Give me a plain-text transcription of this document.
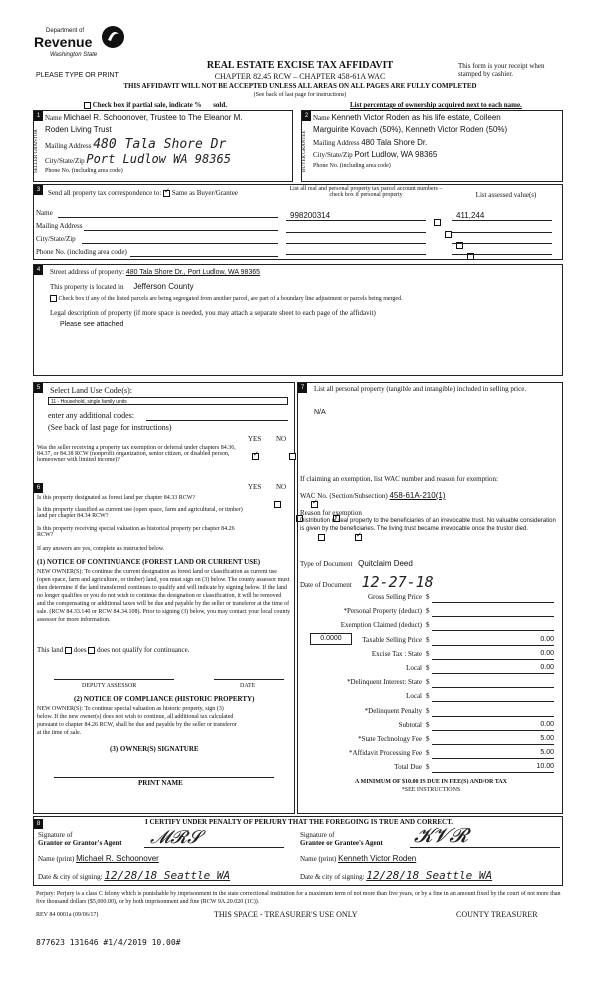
Department of
Revenue
Washington State
PLEASE TYPE OR PRINT
REAL ESTATE EXCISE TAX AFFIDAVIT
CHAPTER 82.45 RCW – CHAPTER 458-61A WAC
THIS AFFIDAVIT WILL NOT BE ACCEPTED UNLESS ALL AREAS ON ALL PAGES ARE FULLY COMPLETED
(See back of last page for instructions)
This form is your receipt when stamped by cashier.
Check box if partial sale, indicate % sold.	List percentage of ownership acquired next to each name.
1
SELLER GRANTOR
Name Michael R. Schoonover, Trustee to The Eleanor M.
Roden Living Trust
Mailing Address 480 Tala Shore Dr
City/State/Zip Port Ludlow WA 98365
Phone No. (including area code)
2
BUYER GRANTEE
Name Kenneth Victor Roden as his life estate, Colleen
Marguirite Kovach (50%), Kenneth Victor Roden (50%)
Mailing Address 480 Tala Shore Dr.
City/State/Zip Port Ludlow, WA 98365
Phone No. (including area code)
3	Send all property tax correspondence to: ✓ Same as Buyer/Grantee
Name
Mailing Address
City/State/Zip
Phone No. (including area code)
List all real and personal property tax parcel account numbers – check box if personal property	List assessed value(s)
998200314
	411,244

4	Street address of property: 480 Tala Shore Dr., Port Ludlow, WA 98365
This property is located in Jefferson County
Check box if any of the listed parcels are being segregated from another parcel, are part of a boundary line adjustment or parcels being merged.
Legal description of property (if more space is needed, you may attach a separate sheet to each page of the affidavit)
Please see attached
5	Select Land Use Code(s):
11 - Household, single family units
enter any additional codes:
(See back of last page for instructions)
YES NO
Was the seller receiving a property tax exemption or deferral under chapters 84.36, 84.37, or 84.38 RCW (nonprofit organization, senior citizen, or disabled person, homeowner with limited income)?
✓
6	YES NO
Is this property designated as forest land per chapter 84.33 RCW?
✓
Is this property classified as current use (open space, farm and agricultural, or timber) land per chapter 84.34 RCW?
✓
Is this property receiving special valuation as historical property per chapter 84.26 RCW?
✓
If any answers are yes, complete as instructed below.
(1) NOTICE OF CONTINUANCE (FOREST LAND OR CURRENT USE)
NEW OWNER(S): To continue the current designation as forest land or classification as current use (open space, farm and agriculture, or timber) land, you must sign on (3) below. The county assessor must then determine if the land transferred continues to qualify and will indicate by signing below. If the land no longer qualifies or you do not wish to continue the designation or classification, it will be removed and the compensating or additional taxes will be due and payable by the seller or transferor at the time of sale. (RCW 84.33.140 or RCW 84.34.108). Prior to signing (3) below, you may contact your local county assessor for more information.
This land does does not qualify for continuance.
DEPUTY ASSESSOR	DATE
(2) NOTICE OF COMPLIANCE (HISTORIC PROPERTY)
NEW OWNER(S): To continue special valuation as historic property, sign (3) below. If the new owner(s) does not wish to continue, all additional tax calculated pursuant to chapter 84.26 RCW, shall be due and payable by the seller or transferor at the time of sale.
(3) OWNER(S) SIGNATURE
PRINT NAME
7	List all personal property (tangible and intangible) included in selling price.
N/A
If claiming an exemption, list WAC number and reason for exemption:
WAC No. (Section/Subsection) 458-61A-210(1)
Reason for exemption
Distribution of real property to the beneficiaries of an irrevocable trust. No valuable consideration is given by the beneficiaries. The living trust became irrevocable once the trustor died.
Type of Document Quitclaim Deed
Date of Document 12-27-18
Gross Selling Price $
*Personal Property (deduct) $
Exemption Claimed (deduct) $
Taxable Selling Price $	0.00
Excise Tax : State $	0.00
Local $	0.00
*Delinquent Interest: State $
Local $
*Delinquent Penalty $
Subtotal $	0.00
*State Technology Fee $	5.00
*Affidavit Processing Fee $	5.00
Total Due $	10.00
0.0000
A MINIMUM OF $10.00 IS DUE IN FEE(S) AND/OR TAX
*SEE INSTRUCTIONS
8	I CERTIFY UNDER PENALTY OF PERJURY THAT THE FOREGOING IS TRUE AND CORRECT.
Signature of
Grantor or Grantor's Agent 𝓜𝓡𝓢
Name (print) Michael R. Schoonover
Date & city of signing: 12/28/18 Seattle WA
Signature of
Grantee or Grantee's Agent 𝓚𝓥𝓡
Name (print) Kenneth Victor Roden
Date & city of signing: 12/28/18 Seattle WA
Perjury: Perjury is a class C felony which is punishable by imprisonment in the state correctional institution for a maximum term of not more than five years, or by a fine in an amount fixed by the court of not more than five thousand dollars ($5,000.00), or by both imprisonment and fine (RCW 9A.20.020 (1C)).
REV 84 0001a (09/06/17)	THIS SPACE - TREASURER'S USE ONLY	COUNTY TREASURER
877623 131646 #1/4/2019 10.00#
